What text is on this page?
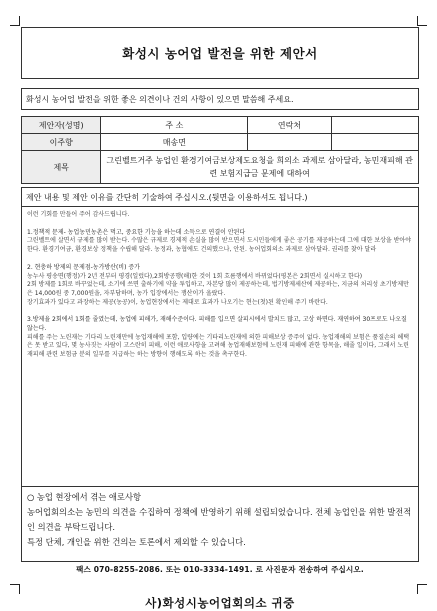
화성시 농어업 발전을 위한 제안서
화성시 농어업 발전을 위한 좋은 의견이나 건의 사항이 있으면 말씀해 주세요.
제안자(성명)	주 소	연락처	
이주향	매송면		
제목	그린벨트거주 농업인 환경기여금보상제도요청을 희의소 과제로 삼아달라, 농민재피해 관련 보험지급금 문제에 대하여		
제안 내용 및 제안 이유를 간단히 기술하여 주십시오.(뒷면을 이용하셔도 됩니다.)

이런 기회를 만들어 주어 감사드립니다.

1.정책적 문제- 농업농민농촌은 먹고, 중요한 기능을 하는데 소득으로 연결이 안된다

그린벨트에 살면서 규제를 많이 받는다. 수많은 규제로 경제적 손실을 많이 받으면서 도시민들에게 좋은 공기를 제공하는데 그에 대한 보상을 받아야 한다. 환경기여금, 환경보상 정책을 수립해 달라. 농정과, 농협에도 건의했으나, 안된. 농어업회의소 과제로 삼아달라. 권리를 찾아 달라

2. 현충하 방제의 문제점-농가방산(비) 증가

농누사 평송면(행정)가 2년 전부터 평경(일렀다),2회방공행(해)한 것이 1회 흐름행에서 바뀌었다(평본은 2회면서 실시하고 한다)

2회 방제를 1회로 바꾸었는데, 소기에 쓰면 출하기에 약을 투입하고, 자본당 많이 제공하는데, 법기방제세산에 제공하는, 지금의 처리성 초기방제만은 14,000원 중 7,000원을, 자부담하며, 농가 입장에서는 쟁산이가 올랐다.

장기효과가 있다고 과장하는 제공(농공)이, 농업현장에서는 제대로 효과가 나오기는 현는(첫)된 확인해 주기 바란다.

3.방제율 2회에서 1회를 줄였는데, 농업에 피해가, 재해수준이다. 피해를 입으면 살피시에서 발치드 많고, 고상 하면다. 재연하여 30프로도 나오질 않는다.

피해를 주는 노린재는 기다리 노린재만에 농업재해에 포함, 입량에는 기타리노린재에 의한 피해보상 증주이 없다. 농업재해의 보험은 품질손의 헤택은 못 받고 있다, 몇 농사짓는 사람이 고스란히 피해, 이런 애로사항을 고려해 농업재해보험에 노린재 피해에 관한 항목을, 해줄 일이다, 그래서 노린재피해 관련 보험금 분의 일부를 지급하는 하는 방향이 행해도록 하는 것을 촉구한다.

○ 농업 현장에서 겪는 애로사항

농어업회의소는 농민의 의견을 수집하여 정책에 반영하기 위해 설립되었습니다. 전체 농업인을 위한 발전적인 의견을 부탁드립니다.

특정 단체, 개인을 위한 건의는 토론에서 제외할 수 있습니다.

팩스 070-8255-2086. 또는 010-3334-1491. 로 사진문자 전송하여 주십시오.
사)화성시농어업회의소 귀중
